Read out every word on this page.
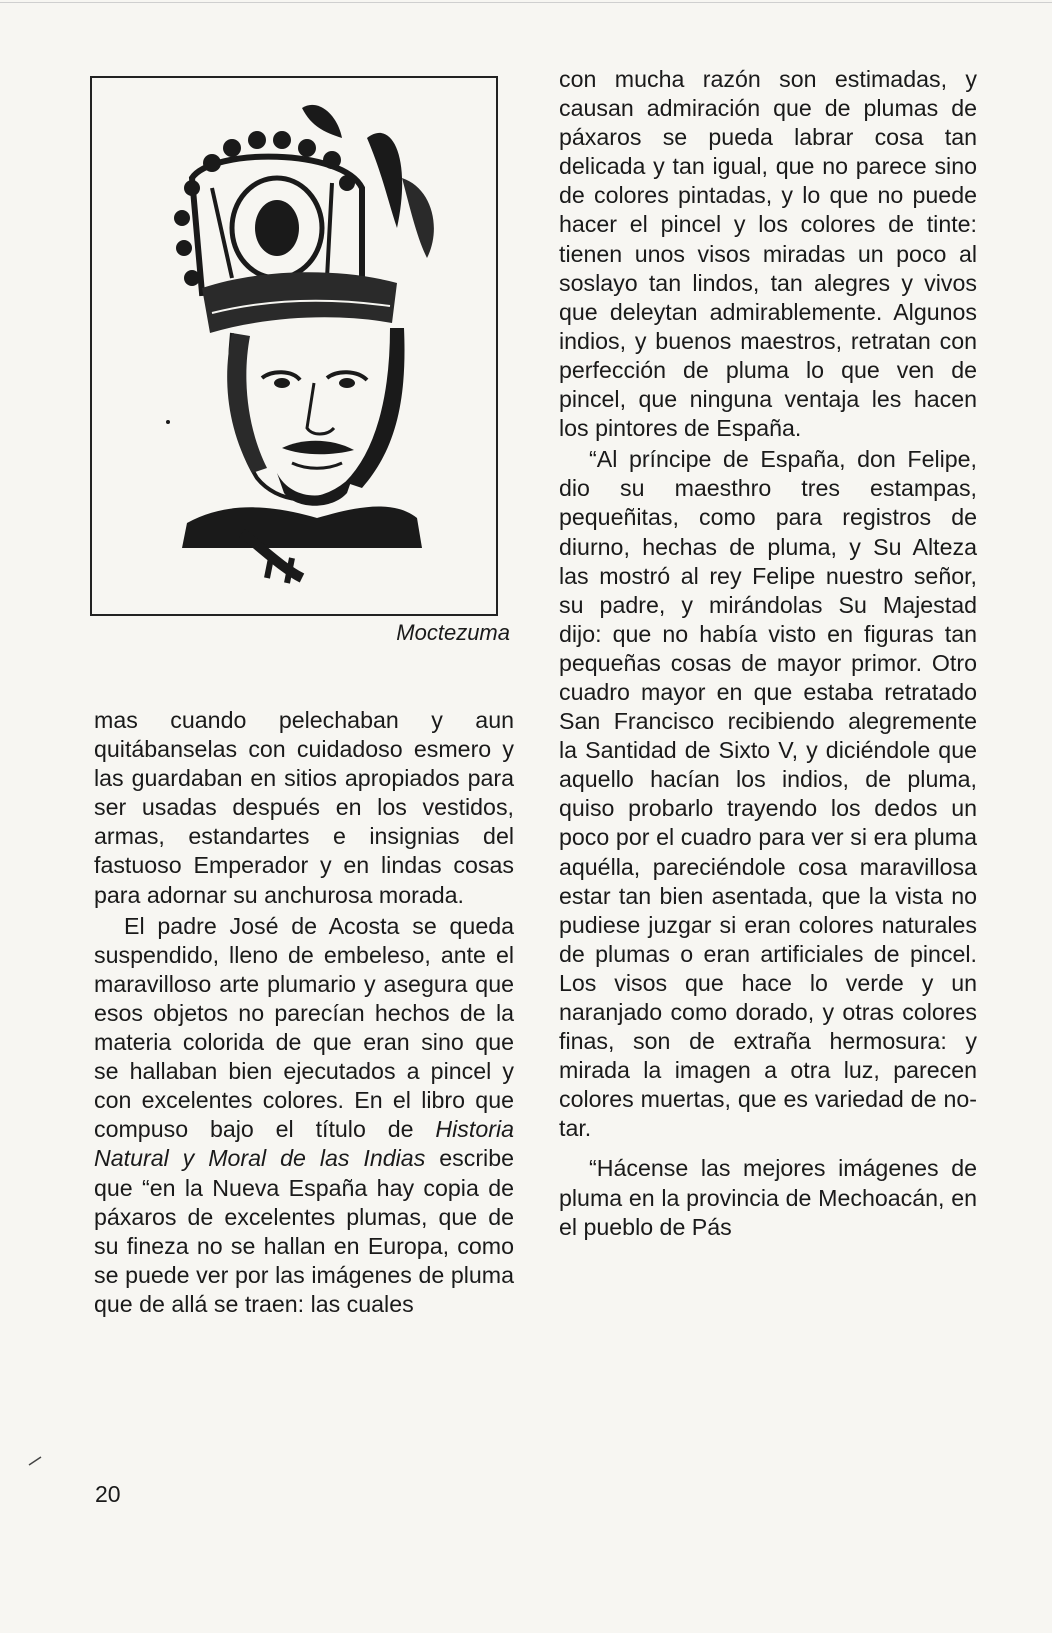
Moctezuma

mas cuando pelechaban y aun quitábanselas con cuidadoso esmero y las guardaban en sitios apropiados para ser usadas después en los vestidos, armas, estandartes e insignias del fastuoso Emperador y en lindas cosas para adornar su anchurosa morada.

El padre José de Acosta se queda suspendido, lleno de embeleso, ante el maravilloso arte plumario y asegura que esos objetos no parecían hechos de la materia colorida de que eran sino que se hallaban bien ejecutados a pincel y con excelentes colores. En el libro que compuso bajo el título de Historia Natural y Moral de las Indias escribe que “en la Nueva España hay copia de páxaros de excelentes plumas, que de su fineza no se hallan en Europa, como se puede ver por las imágenes de pluma que de allá se traen: las cuales

con mucha razón son estimadas, y causan admiración que de plumas de páxaros se pueda labrar cosa tan delicada y tan igual, que no parece sino de colores pintadas, y lo que no puede hacer el pincel y los colores de tinte: tienen unos visos miradas un poco al soslayo tan lindos, tan alegres y vivos que deleytan admirablemente. Algunos indios, y buenos maestros, retratan con perfección de pluma lo que ven de pincel, que ninguna ventaja les hacen los pintores de España.

“Al príncipe de España, don Felipe, dio su maesthro tres estampas, pequeñitas, como para registros de diurno, hechas de pluma, y Su Alteza las mostró al rey Felipe nuestro señor, su padre, y mirándolas Su Majestad dijo: que no había visto en figuras tan pequeñas cosas de mayor primor. Otro cuadro mayor en que estaba retratado San Francisco recibiendo alegremente la Santidad de Sixto V, y diciéndole que aquello hacían los indios, de pluma, quiso probarlo trayendo los dedos un poco por el cuadro para ver si era pluma aquélla, pareciéndole cosa maravillosa estar tan bien asentada, que la vista no pudiese juzgar si eran colores naturales de plumas o eran artificiales de pincel. Los visos que hace lo verde y un naranjado como dorado, y otras colores finas, son de extraña hermosura: y mirada la imagen a otra luz, parecen colores muertas, que es variedad de notar.

“Hácense las mejores imágenes de pluma en la provincia de Mechoacán, en el pueblo de Pás

20
